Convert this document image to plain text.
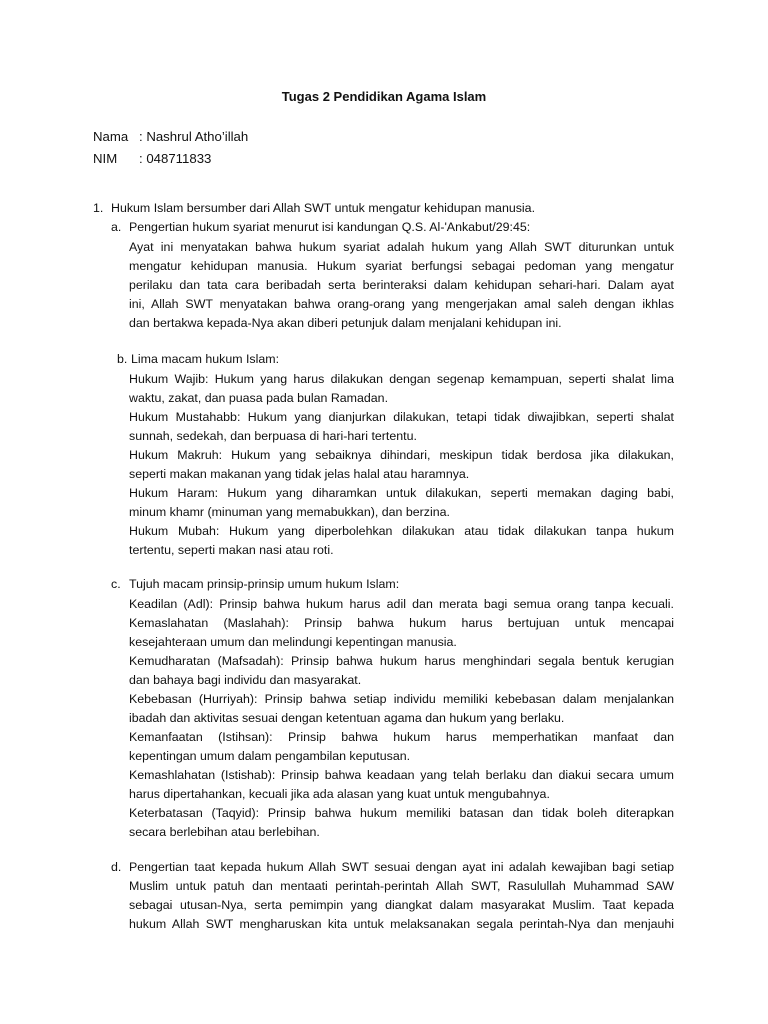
Tugas 2 Pendidikan Agama Islam
Nama : Nashrul Atho’illah
NIM : 048711833
1. Hukum Islam bersumber dari Allah SWT untuk mengatur kehidupan manusia.
a. Pengertian hukum syariat menurut isi kandungan Q.S. Al-'Ankabut/29:45:

Ayat ini menyatakan bahwa hukum syariat adalah hukum yang Allah SWT diturunkan untuk

mengatur kehidupan manusia. Hukum syariat berfungsi sebagai pedoman yang mengatur

perilaku dan tata cara beribadah serta berinteraksi dalam kehidupan sehari-hari. Dalam ayat

ini, Allah SWT menyatakan bahwa orang-orang yang mengerjakan amal saleh dengan ikhlas

dan bertakwa kepada-Nya akan diberi petunjuk dalam menjalani kehidupan ini.

b. Lima macam hukum Islam:

Hukum Wajib: Hukum yang harus dilakukan dengan segenap kemampuan, seperti shalat lima

waktu, zakat, dan puasa pada bulan Ramadan.

Hukum Mustahabb: Hukum yang dianjurkan dilakukan, tetapi tidak diwajibkan, seperti shalat

sunnah, sedekah, dan berpuasa di hari-hari tertentu.

Hukum Makruh: Hukum yang sebaiknya dihindari, meskipun tidak berdosa jika dilakukan,

seperti makan makanan yang tidak jelas halal atau haramnya.

Hukum Haram: Hukum yang diharamkan untuk dilakukan, seperti memakan daging babi,

minum khamr (minuman yang memabukkan), dan berzina.

Hukum Mubah: Hukum yang diperbolehkan dilakukan atau tidak dilakukan tanpa hukum

tertentu, seperti makan nasi atau roti.

c. Tujuh macam prinsip-prinsip umum hukum Islam:

Keadilan (Adl): Prinsip bahwa hukum harus adil dan merata bagi semua orang tanpa kecuali.

Kemaslahatan (Maslahah): Prinsip bahwa hukum harus bertujuan untuk mencapai

kesejahteraan umum dan melindungi kepentingan manusia.

Kemudharatan (Mafsadah): Prinsip bahwa hukum harus menghindari segala bentuk kerugian

dan bahaya bagi individu dan masyarakat.

Kebebasan (Hurriyah): Prinsip bahwa setiap individu memiliki kebebasan dalam menjalankan

ibadah dan aktivitas sesuai dengan ketentuan agama dan hukum yang berlaku.

Kemanfaatan (Istihsan): Prinsip bahwa hukum harus memperhatikan manfaat dan

kepentingan umum dalam pengambilan keputusan.

Kemashlahatan (Istishab): Prinsip bahwa keadaan yang telah berlaku dan diakui secara umum

harus dipertahankan, kecuali jika ada alasan yang kuat untuk mengubahnya.

Keterbatasan (Taqyid): Prinsip bahwa hukum memiliki batasan dan tidak boleh diterapkan

secara berlebihan atau berlebihan.

d. Pengertian taat kepada hukum Allah SWT sesuai dengan ayat ini adalah kewajiban bagi setiap

Muslim untuk patuh dan mentaati perintah-perintah Allah SWT, Rasulullah Muhammad SAW

sebagai utusan-Nya, serta pemimpin yang diangkat dalam masyarakat Muslim. Taat kepada

hukum Allah SWT mengharuskan kita untuk melaksanakan segala perintah-Nya dan menjauhi
